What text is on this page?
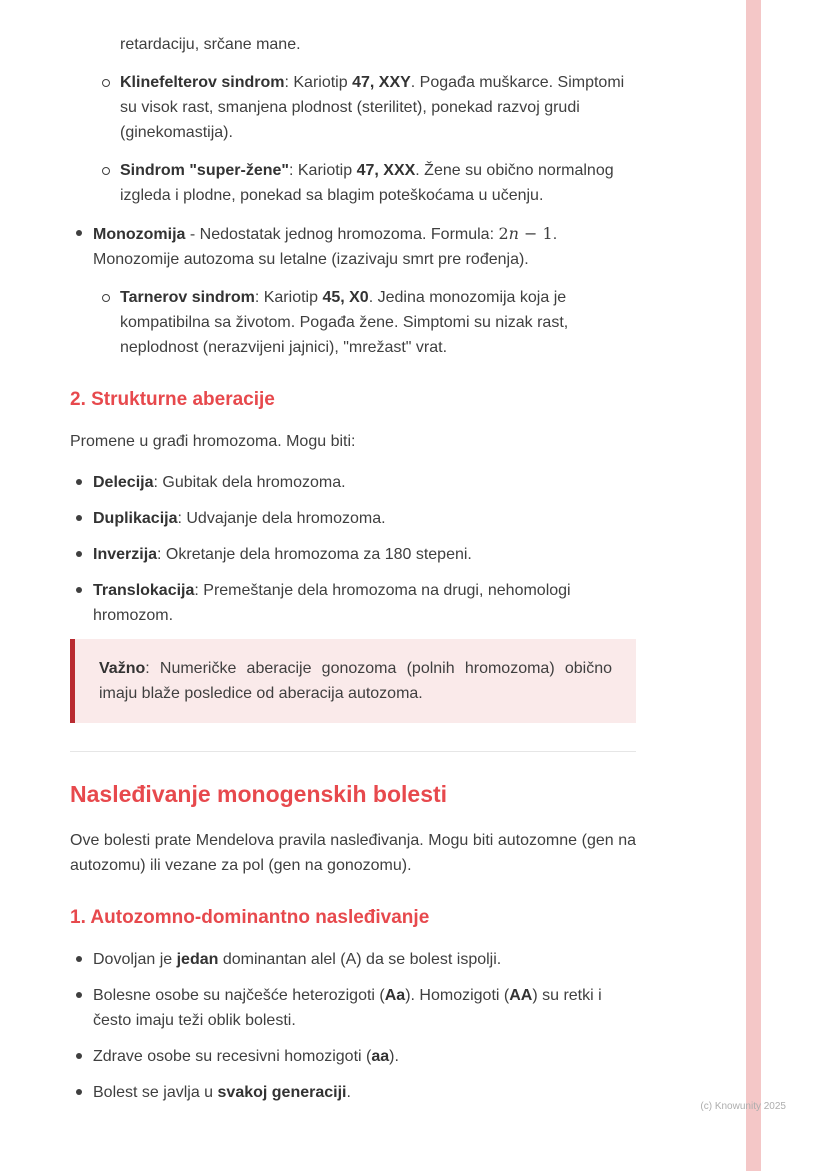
retardaciju, srčane mane.

Klinefelterov sindrom: Kariotip 47, XXY. Pogađa muškarce. Simptomi su visok rast, smanjena plodnost (sterilitet), ponekad razvoj grudi (ginekomastija).
Sindrom "super-žene": Kariotip 47, XXX. Žene su obično normalnog izgleda i plodne, ponekad sa blagim poteškoćama u učenju.
Monozomija - Nedostatak jednog hromozoma. Formula: 2n − 1. Monozomije autozoma su letalne (izazivaju smrt pre rođenja).
Tarnerov sindrom: Kariotip 45, X0. Jedina monozomija koja je kompatibilna sa životom. Pogađa žene. Simptomi su nizak rast, neplodnost (nerazvijeni jajnici), "mrežast" vrat.
2. Strukturne aberacije

Promene u građi hromozoma. Mogu biti:

Delecija: Gubitak dela hromozoma.
Duplikacija: Udvajanje dela hromozoma.
Inverzija: Okretanje dela hromozoma za 180 stepeni.
Translokacija: Premeštanje dela hromozoma na drugi, nehomologi hromozom.

Važno: Numeričke aberacije gonozoma (polnih hromozoma) obično imaju blaže posledice od aberacija autozoma.

Nasleđivanje monogenskih bolesti

Ove bolesti prate Mendelova pravila nasleđivanja. Mogu biti autozomne (gen na autozomu) ili vezane za pol (gen na gonozomu).

1. Autozomno-dominantno nasleđivanje
Dovoljan je jedan dominantan alel (A) da se bolest ispolji.
Bolesne osobe su najčešće heterozigoti (Aa). Homozigoti (AA) su retki i često imaju teži oblik bolesti.
Zdrave osobe su recesivni homozigoti (aa).
Bolest se javlja u svakoj generaciji.
(c) Knowunity 2025
